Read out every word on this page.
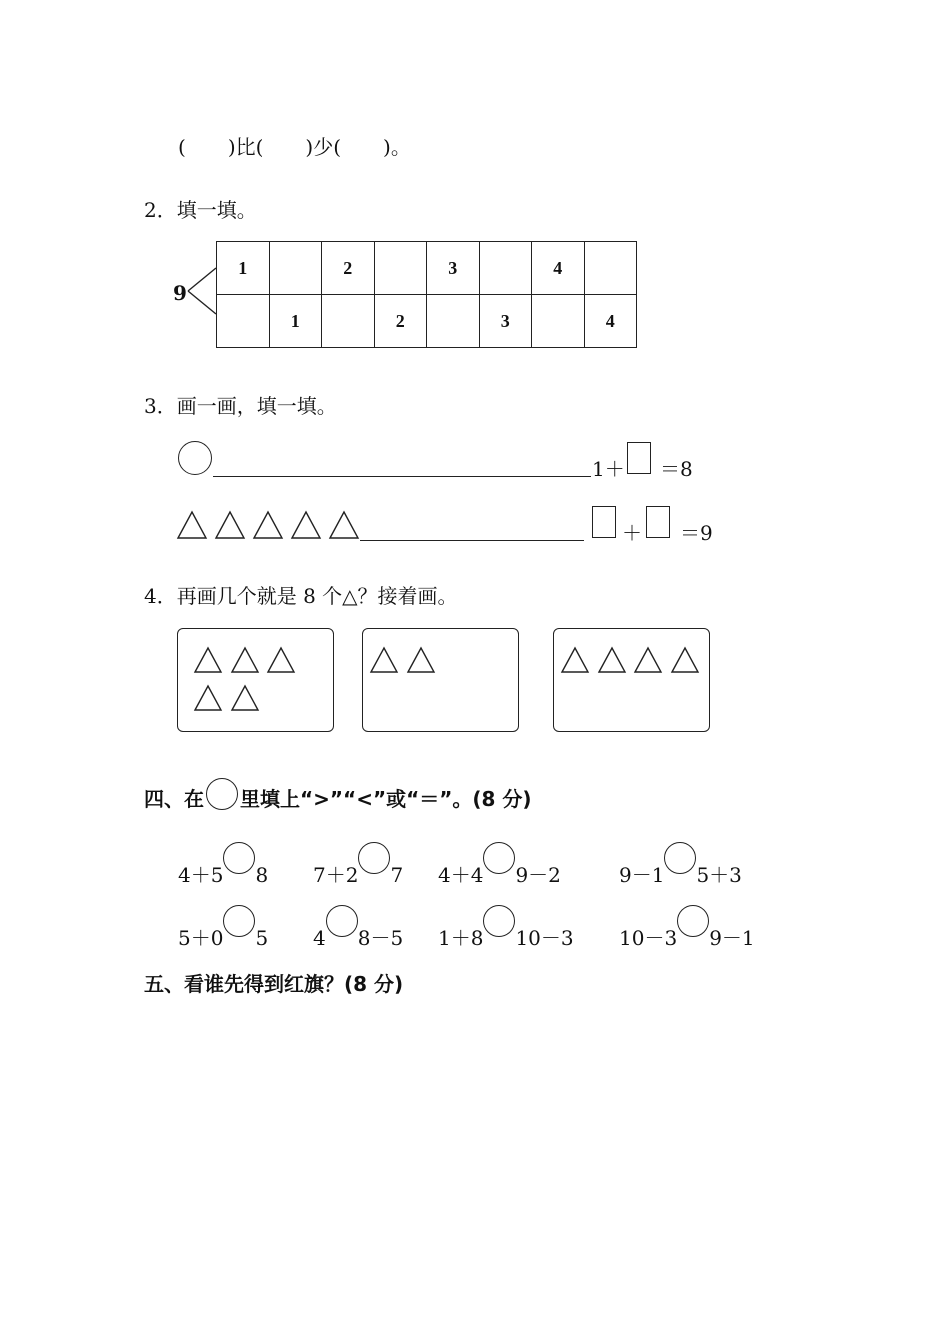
( )比( )少( )。
2．填一填。
9
1		2		3		4	
	1		2		3		4
3．画一画，填一填。
1＋ ＝8
＋ ＝9
4．再画几个就是 8 个△？接着画。
四、在 里填上“>”“<”或“＝”。(8 分)
4＋5 8 7＋2 7 4＋4 9－2	9－1 5＋3
5＋0 5 4 8－5 1＋8 10－3 10－3 9－1
五、看谁先得到红旗？(8 分)
